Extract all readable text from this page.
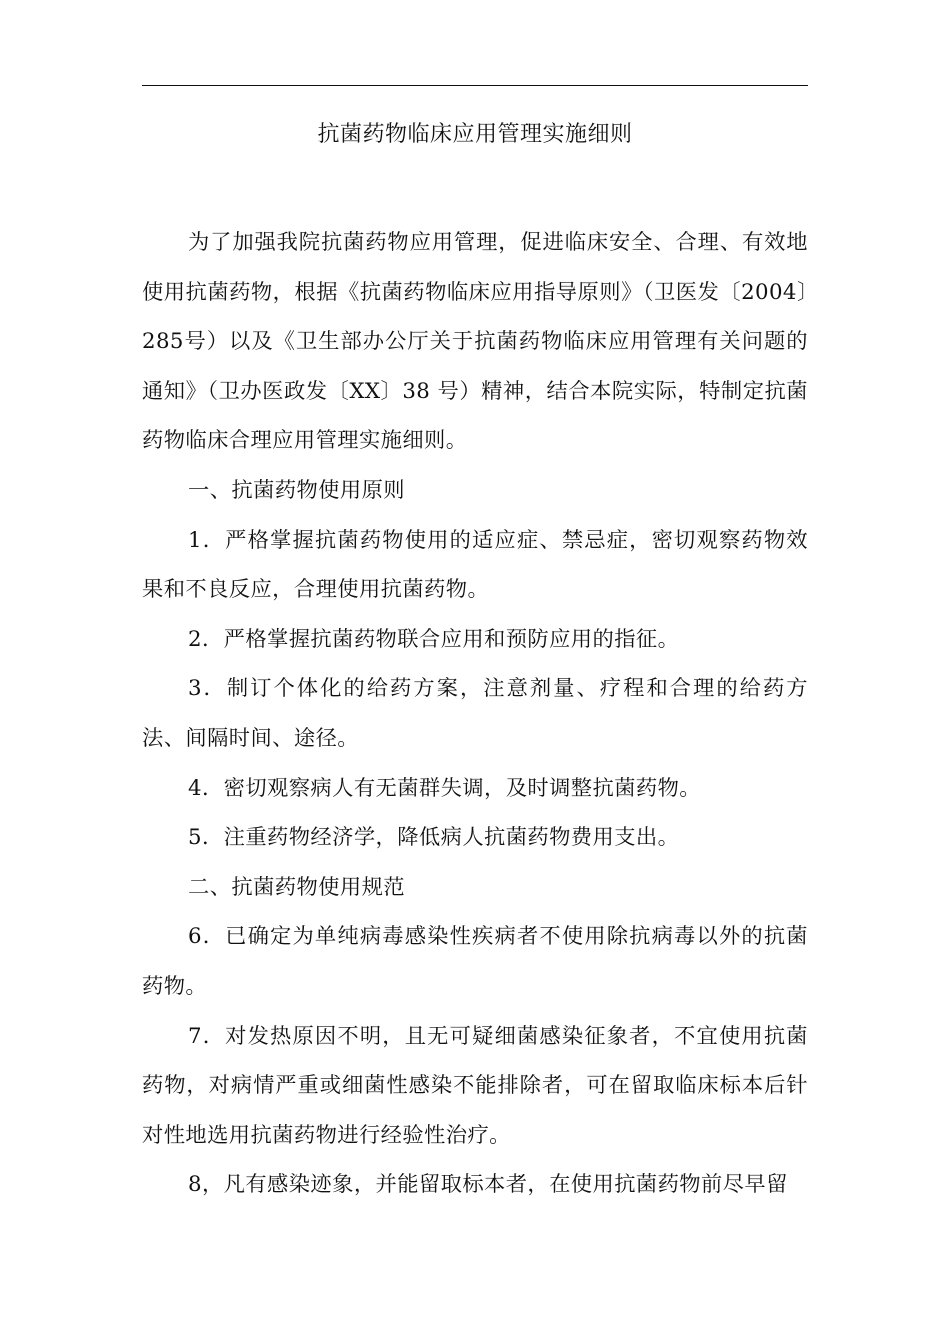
抗菌药物临床应用管理实施细则

为了加强我院抗菌药物应用管理，促进临床安全、合理、有效地使用抗菌药物，根据《抗菌药物临床应用指导原则》（卫医发〔2004〕285号）以及《卫生部办公厅关于抗菌药物临床应用管理有关问题的通知》（卫办医政发〔XX〕38 号）精神，结合本院实际，特制定抗菌药物临床合理应用管理实施细则。

一、抗菌药物使用原则

1．严格掌握抗菌药物使用的适应症、禁忌症，密切观察药物效果和不良反应，合理使用抗菌药物。

2．严格掌握抗菌药物联合应用和预防应用的指征。

3．制订个体化的给药方案，注意剂量、疗程和合理的给药方法、间隔时间、途径。

4．密切观察病人有无菌群失调，及时调整抗菌药物。

5．注重药物经济学，降低病人抗菌药物费用支出。

二、抗菌药物使用规范

6．已确定为单纯病毒感染性疾病者不使用除抗病毒以外的抗菌药物。

7．对发热原因不明，且无可疑细菌感染征象者，不宜使用抗菌药物，对病情严重或细菌性感染不能排除者，可在留取临床标本后针对性地选用抗菌药物进行经验性治疗。

8，凡有感染迹象，并能留取标本者，在使用抗菌药物前尽早留
